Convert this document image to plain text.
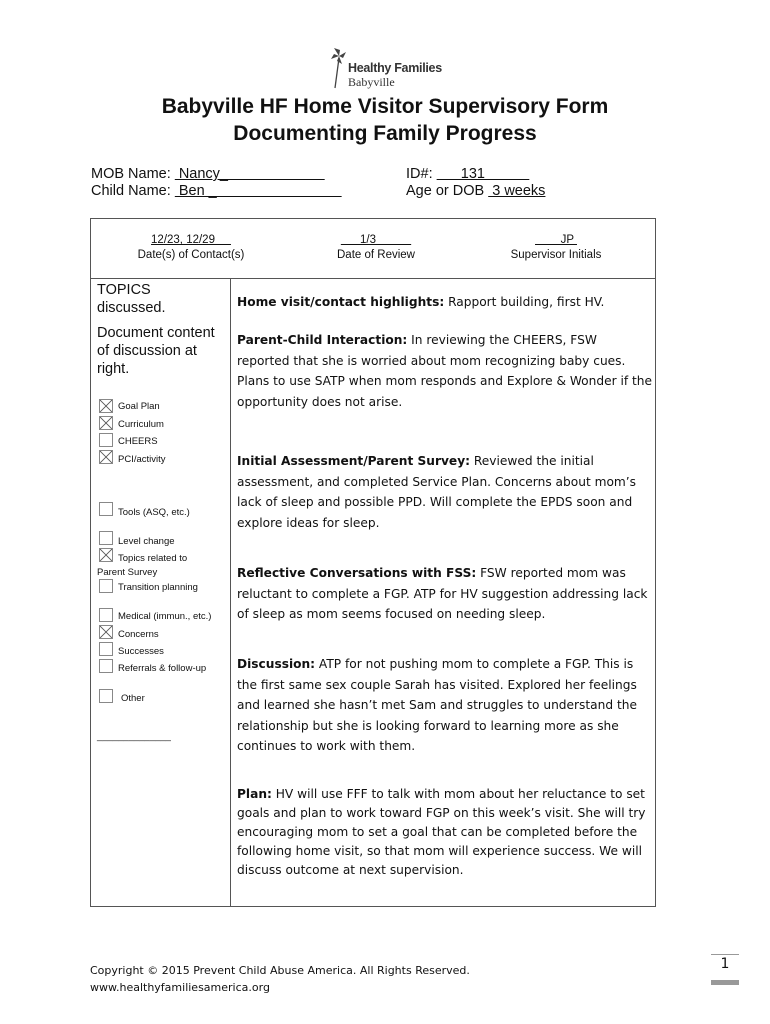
Healthy Families
Babyville
Babyville HF Home Visitor Supervisory Form
Documenting Family Progress
MOB Name:  Nancy_	ID#:       131
Child Name:  Ben _	Age or DOB  3 weeks
12/23, 12/29
Date(s) of Contact(s)
1/3
Date of Review
JP
Supervisor Initials
TOPICS discussed.
Document content of discussion at right.
Goal Plan
Curriculum
CHEERS
PCI/activity
Tools (ASQ, etc.)
Level change
Topics related to
Parent Survey
Transition planning
Medical (immun., etc.)
Concerns
Successes
Referrals & follow-up
Other
______________
Home visit/contact highlights: Rapport building, first HV.
Parent-Child Interaction: In reviewing the CHEERS, FSW reported that she is worried about mom recognizing baby cues. Plans to use SATP when mom responds and Explore & Wonder if the opportunity does not arise.
Initial Assessment/Parent Survey: Reviewed the initial assessment, and completed Service Plan. Concerns about mom’s lack of sleep and possible PPD. Will complete the EPDS soon and explore ideas for sleep.
Reflective Conversations with FSS: FSW reported mom was reluctant to complete a FGP. ATP for HV suggestion addressing lack of sleep as mom seems focused on needing sleep.
Discussion: ATP for not pushing mom to complete a FGP. This is the first same sex couple Sarah has visited. Explored her feelings and learned she hasn’t met Sam and struggles to understand the relationship but she is looking forward to learning more as she continues to work with them.
Plan: HV will use FFF to talk with mom about her reluctance to set goals and plan to work toward FGP on this week’s visit. She will try encouraging mom to set a goal that can be completed before the following home visit, so that mom will experience success. We will discuss outcome at next supervision.
Copyright © 2015 Prevent Child Abuse America. All Rights Reserved.
www.healthyfamiliesamerica.org
1
